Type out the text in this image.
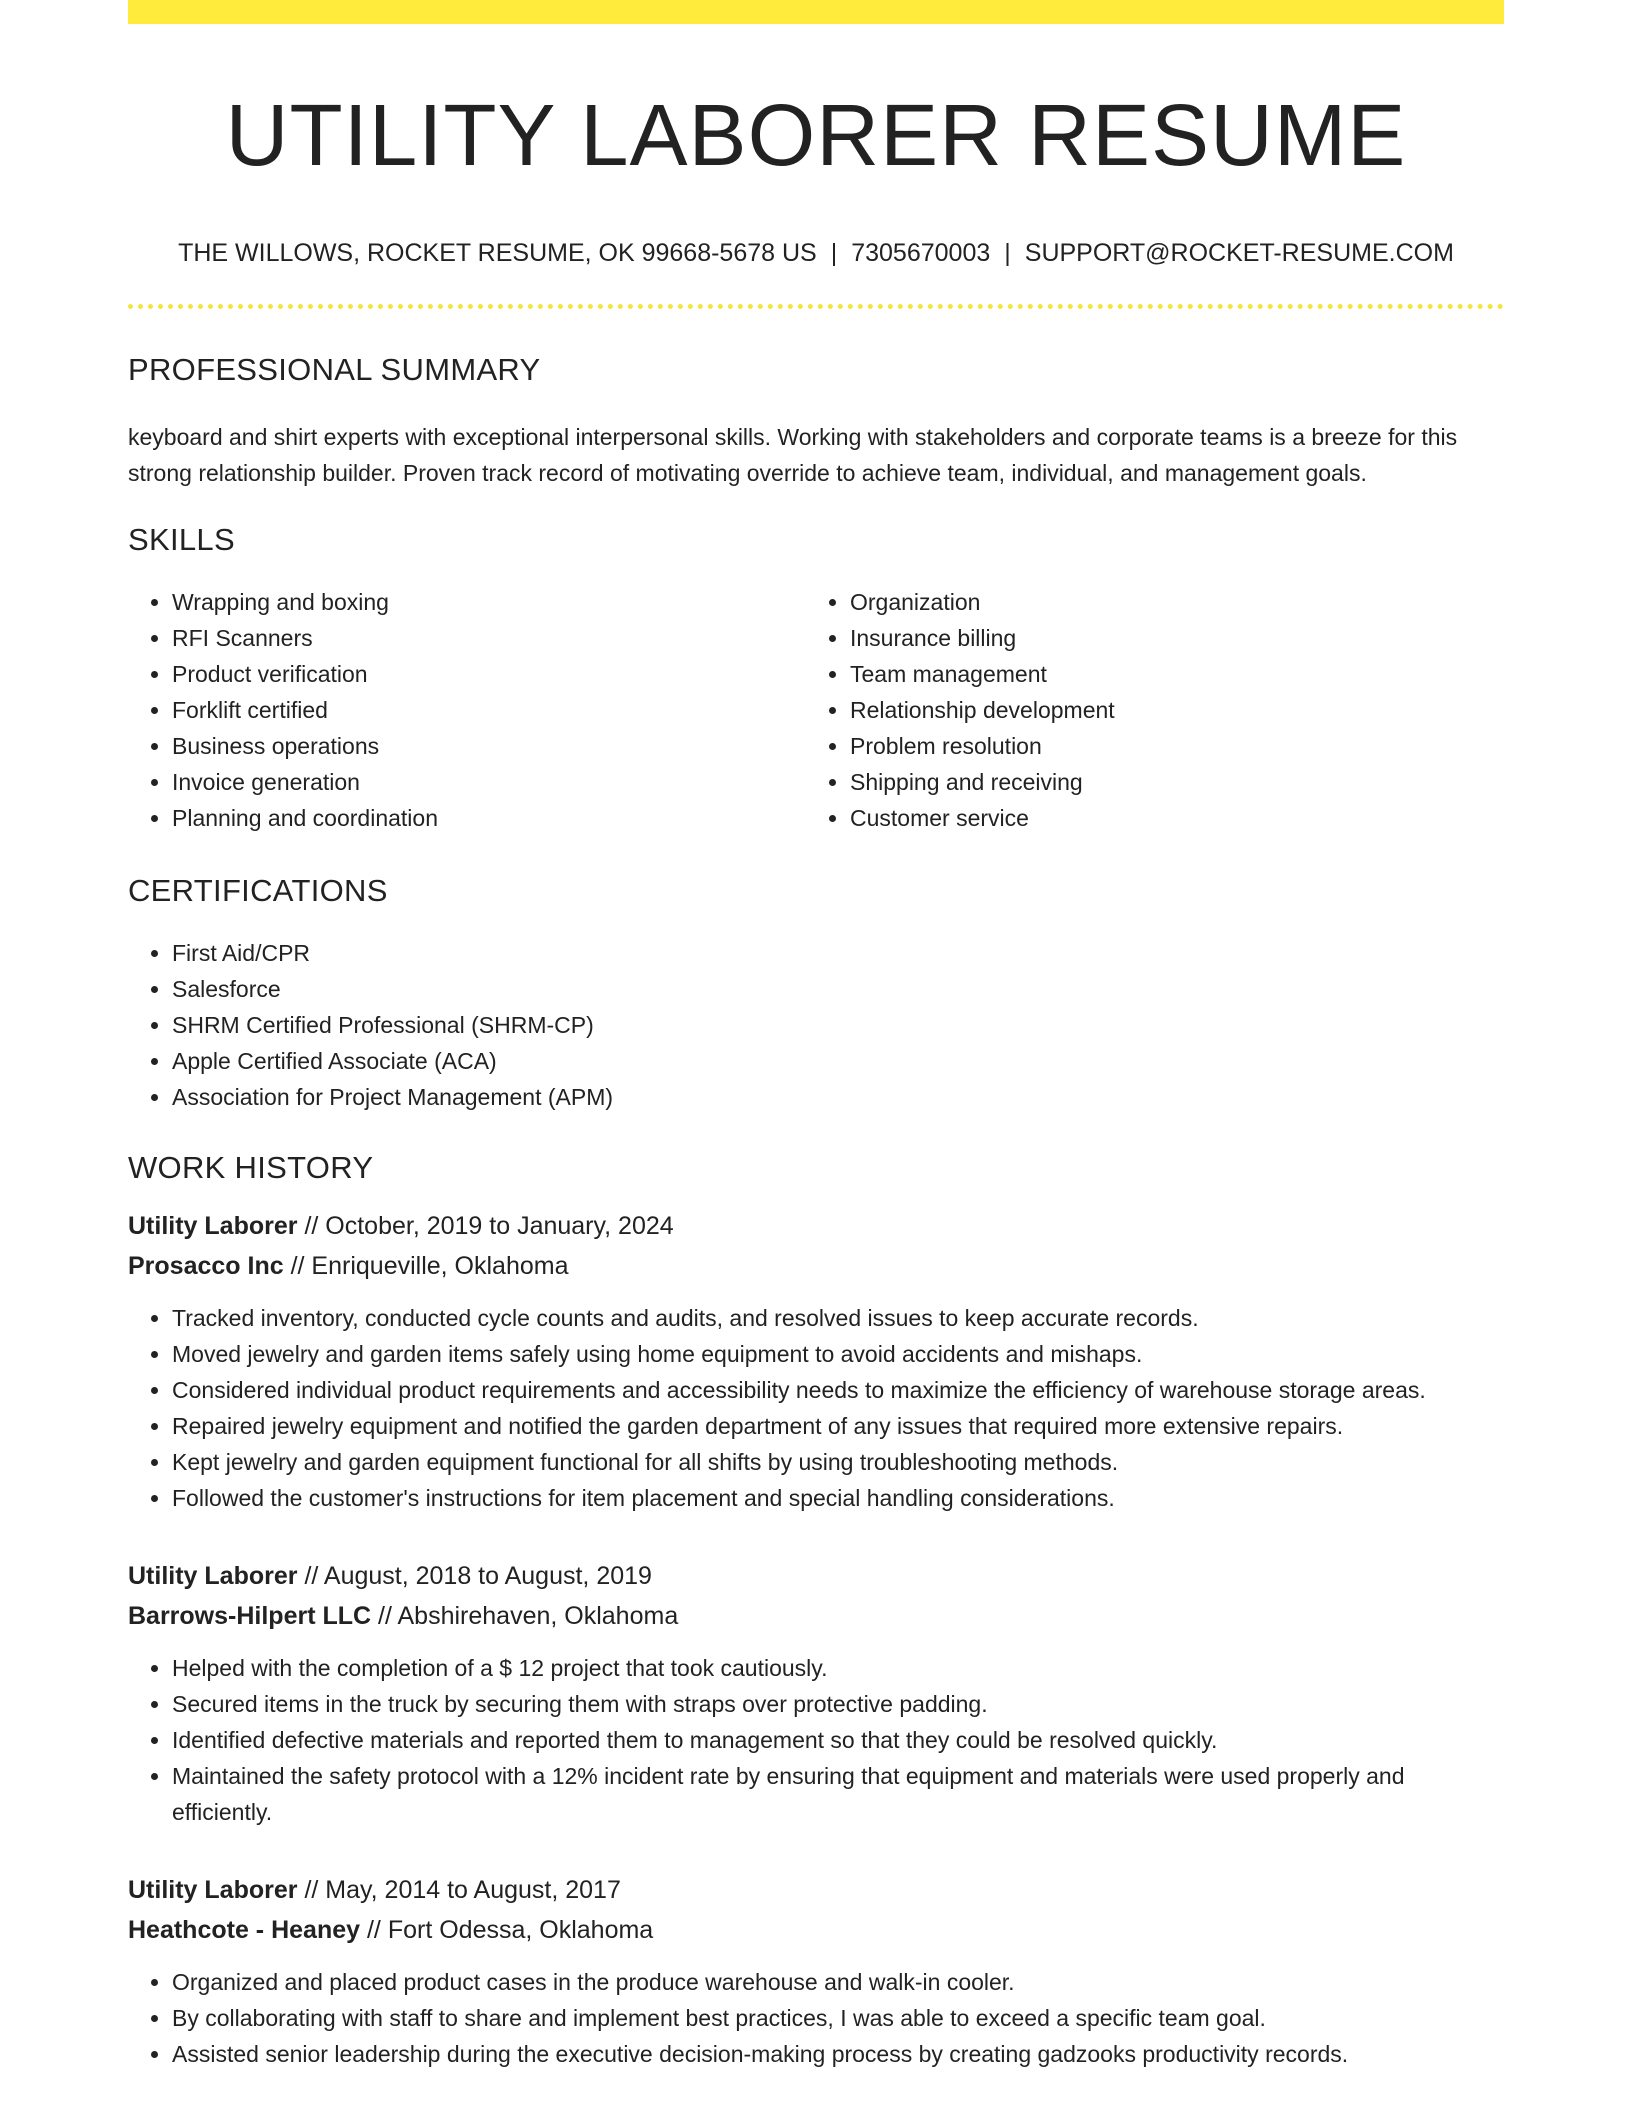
UTILITY LABORER RESUME
THE WILLOWS, ROCKET RESUME, OK 99668-5678 US | 7305670003 | SUPPORT@ROCKET-RESUME.COM
PROFESSIONAL SUMMARY

keyboard and shirt experts with exceptional interpersonal skills. Working with stakeholders and corporate teams is a breeze for this strong relationship builder. Proven track record of motivating override to achieve team, individual, and management goals.

SKILLS
• Wrapping and boxing
• RFI Scanners
• Product verification
• Forklift certified
• Business operations
• Invoice generation
• Planning and coordination
• Organization
• Insurance billing
• Team management
• Relationship development
• Problem resolution
• Shipping and receiving
• Customer service
CERTIFICATIONS
• First Aid/CPR
• Salesforce
• SHRM Certified Professional (SHRM-CP)
• Apple Certified Associate (ACA)
• Association for Project Management (APM)
WORK HISTORY
Utility Laborer // October, 2019 to January, 2024
Prosacco Inc // Enriqueville, Oklahoma
• Tracked inventory, conducted cycle counts and audits, and resolved issues to keep accurate records.
• Moved jewelry and garden items safely using home equipment to avoid accidents and mishaps.
• Considered individual product requirements and accessibility needs to maximize the efficiency of warehouse storage areas.
• Repaired jewelry equipment and notified the garden department of any issues that required more extensive repairs.
• Kept jewelry and garden equipment functional for all shifts by using troubleshooting methods.
• Followed the customer's instructions for item placement and special handling considerations.
Utility Laborer // August, 2018 to August, 2019
Barrows-Hilpert LLC // Abshirehaven, Oklahoma
• Helped with the completion of a $ 12 project that took cautiously.
• Secured items in the truck by securing them with straps over protective padding.
• Identified defective materials and reported them to management so that they could be resolved quickly.
• Maintained the safety protocol with a 12% incident rate by ensuring that equipment and materials were used properly and efficiently.
Utility Laborer // May, 2014 to August, 2017
Heathcote - Heaney // Fort Odessa, Oklahoma
• Organized and placed product cases in the produce warehouse and walk-in cooler.
• By collaborating with staff to share and implement best practices, I was able to exceed a specific team goal.
• Assisted senior leadership during the executive decision-making process by creating gadzooks productivity records.
